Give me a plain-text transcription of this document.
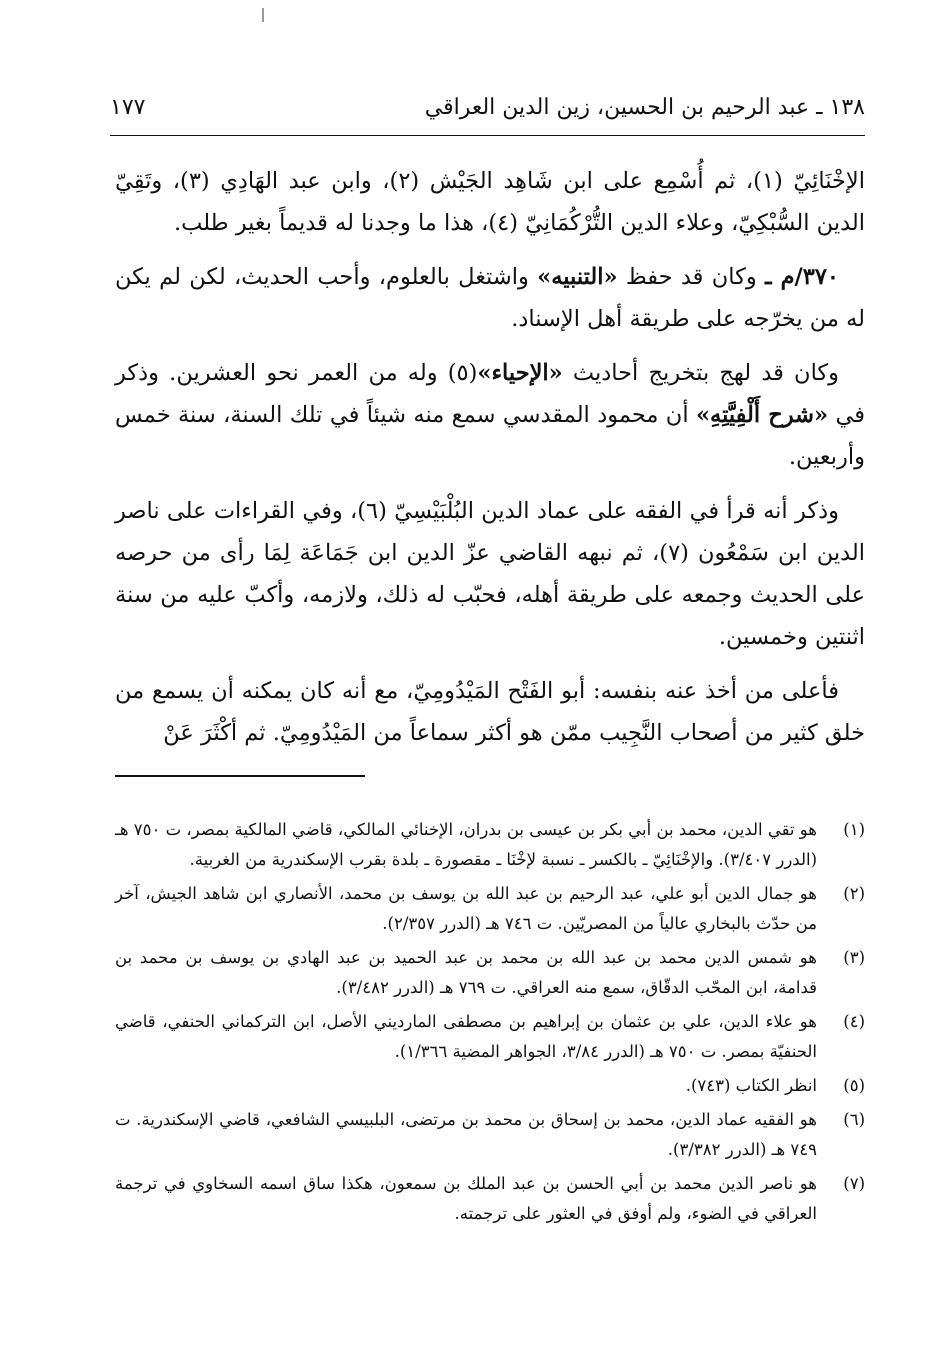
١٣٨ ـ عبد الرحيم بن الحسين، زين الدين العراقي
١٧٧

الإخْنَائِيّ (١)، ثم أُسْمِع على ابن شَاهِد الجَيْش (٢)، وابن عبد الهَادِي (٣)، وتَقِيّ الدين السُّبْكِيّ، وعلاء الدين التُّرْكُمَانِيّ (٤)، هذا ما وجدنا له قديماً بغير طلب.

٣٧٠/م ـ وكان قد حفظ «التنبيه» واشتغل بالعلوم، وأحب الحديث، لكن لم يكن له من يخرّجه على طريقة أهل الإسناد.

وكان قد لهج بتخريج أحاديث «الإحياء»(٥) وله من العمر نحو العشرين. وذكر في «شرح أَلْفِيَّتِهِ» أن محمود المقدسي سمع منه شيئاً في تلك السنة، سنة خمس وأربعين.

وذكر أنه قرأ في الفقه على عماد الدين البُلْبَيْسِيّ (٦)، وفي القراءات على ناصر الدين ابن سَمْعُون (٧)، ثم نبهه القاضي عزّ الدين ابن جَمَاعَة لِمَا رأى من حرصه على الحديث وجمعه على طريقة أهله، فحبّب له ذلك، ولازمه، وأكبّ عليه من سنة اثنتين وخمسين.

فأعلى من أخذ عنه بنفسه: أبو الفَتْح المَيْدُومِيّ، مع أنه كان يمكنه أن يسمع من خلق كثير من أصحاب النَّجِيب ممّن هو أكثر سماعاً من المَيْدُومِيّ. ثم أكْثَرَ عَنْ

(١)
هو تقي الدين، محمد بن أبي بكر بن عيسى بن بدران، الإخنائي المالكي، قاضي المالكية بمصر، ت ٧٥٠ هـ (الدرر ٣/٤٠٧). والإخْنَائِيّ ـ بالكسر ـ نسبة لإخْنَا ـ مقصورة ـ بلدة بقرب الإسكندرية من الغربية.
(٢)
هو جمال الدين أبو علي، عبد الرحيم بن عبد الله بن يوسف بن محمد، الأنصاري ابن شاهد الجيش، آخر من حدّث بالبخاري عالياً من المصريّين. ت ٧٤٦ هـ (الدرر ٢/٣٥٧).
(٣)
هو شمس الدين محمد بن عبد الله بن محمد بن عبد الحميد بن عبد الهادي بن يوسف بن محمد بن قدامة، ابن المحّب الدقّاق، سمع منه العراقي. ت ٧٦٩ هـ (الدرر ٣/٤٨٢).
(٤)
هو علاء الدين، علي بن عثمان بن إبراهيم بن مصطفى المارديني الأصل، ابن التركماني الحنفي، قاضي الحنفيّة بمصر. ت ٧٥٠ هـ (الدرر ٣/٨٤، الجواهر المضية ١/٣٦٦).
(٥)
انظر الكتاب (٧٤٣).
(٦)
هو الفقيه عماد الدين، محمد بن إسحاق بن محمد بن مرتضى، البلبيسي الشافعي، قاضي الإسكندرية. ت ٧٤٩ هـ (الدرر ٣/٣٨٢).
(٧)
هو ناصر الدين محمد بن أبي الحسن بن عبد الملك بن سمعون، هكذا ساق اسمه السخاوي في ترجمة العراقي في الضوء، ولم أوفق في العثور على ترجمته.
